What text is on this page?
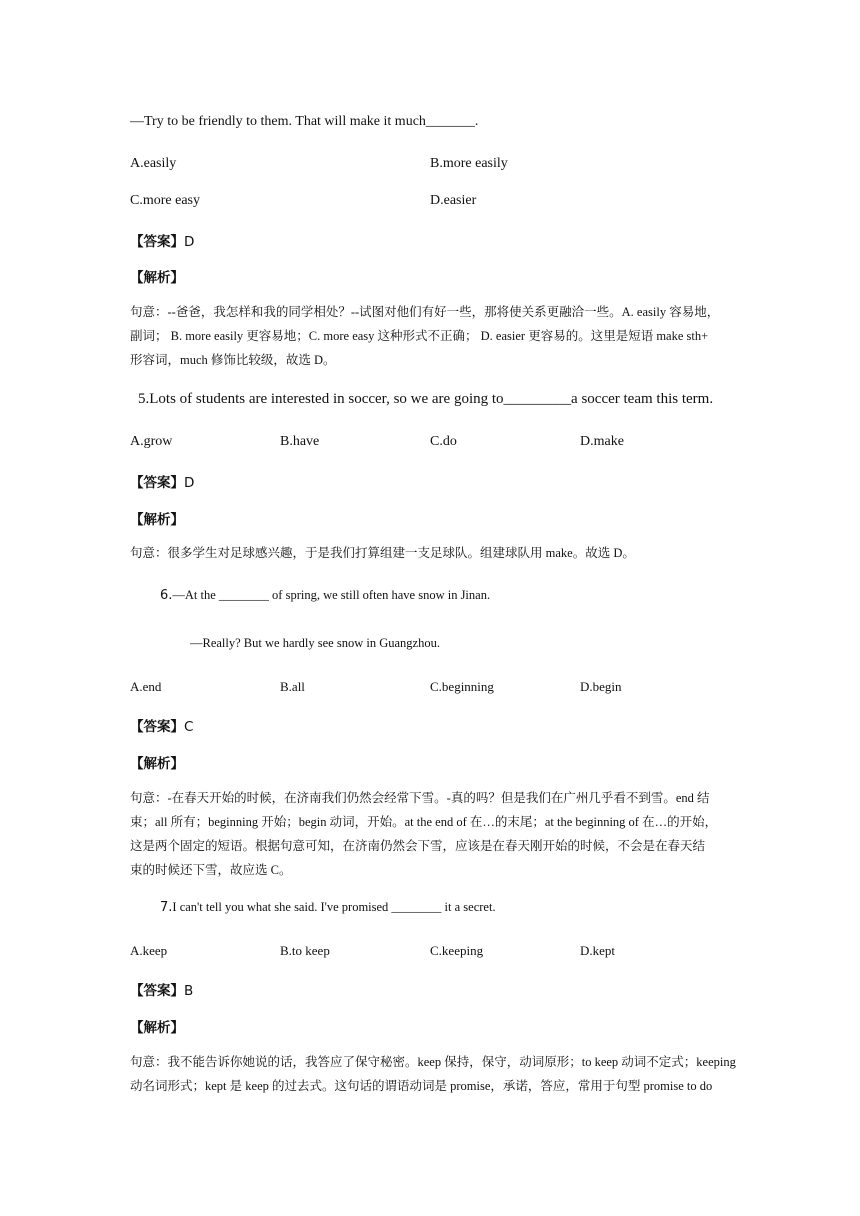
—Try to be friendly to them. That will make it much_______.
A.easily	B.more easily
C.more easy	D.easier
【答案】D
【解析】
句意：--爸爸，我怎样和我的同学相处？--试图对他们有好一些，那将使关系更融洽一些。A. easily 容易地，
副词； B. more easily 更容易地；C. more easy 这种形式不正确； D. easier 更容易的。这里是短语 make sth+
形容词，much 修饰比较级，故选 D。
5.Lots of students are interested in soccer, so we are going to_________a soccer team this term.
A.grow	B.have	C.do	D.make
【答案】D
【解析】
句意：很多学生对足球感兴趣，于是我们打算组建一支足球队。组建球队用 make。故选 D。
6.—At the ________ of spring, we still often have snow in Jinan.
—Really? But we hardly see snow in Guangzhou.
A.end	B.all	C.beginning	D.begin
【答案】C
【解析】
句意：-在春天开始的时候，在济南我们仍然会经常下雪。-真的吗？但是我们在广州几乎看不到雪。end 结
束；all 所有；beginning 开始；begin 动词，开始。at the end of 在…的末尾；at the beginning of 在…的开始，
这是两个固定的短语。根据句意可知，在济南仍然会下雪，应该是在春天刚开始的时候，不会是在春天结
束的时候还下雪，故应选 C。
7.I can't tell you what she said. I've promised ________ it a secret.
A.keep	B.to keep	C.keeping	D.kept
【答案】B
【解析】
句意：我不能告诉你她说的话，我答应了保守秘密。keep 保持，保守，动词原形；to keep 动词不定式；keeping
动名词形式；kept 是 keep 的过去式。这句话的谓语动词是 promise，承诺，答应，常用于句型 promise to do
